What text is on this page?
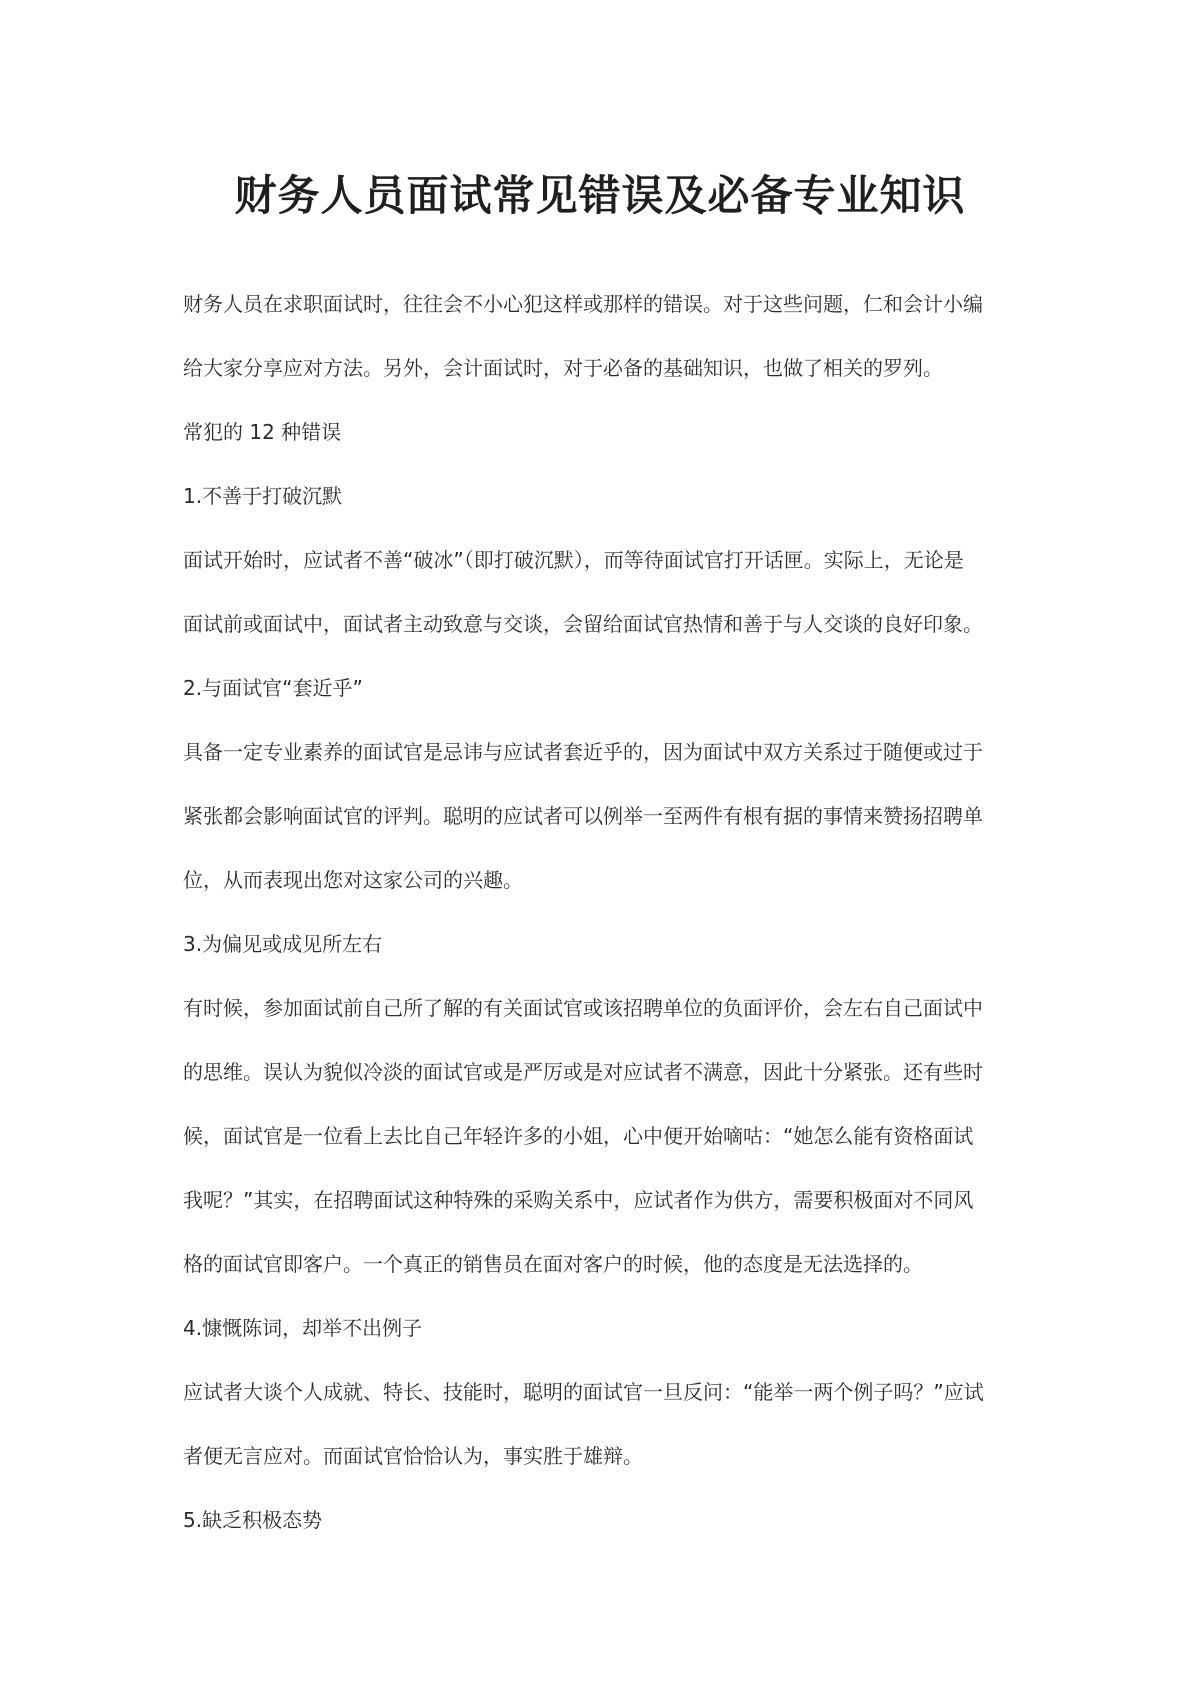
财务人员面试常见错误及必备专业知识

财务人员在求职面试时，往往会不小心犯这样或那样的错误。对于这些问题，仁和会计小编

给大家分享应对方法。另外，会计面试时，对于必备的基础知识，也做了相关的罗列。

常犯的 12 种错误

1.不善于打破沉默

面试开始时，应试者不善“破冰”（即打破沉默），而等待面试官打开话匣。实际上，无论是

面试前或面试中，面试者主动致意与交谈，会留给面试官热情和善于与人交谈的良好印象。

2.与面试官“套近乎”

具备一定专业素养的面试官是忌讳与应试者套近乎的，因为面试中双方关系过于随便或过于

紧张都会影响面试官的评判。聪明的应试者可以例举一至两件有根有据的事情来赞扬招聘单

位，从而表现出您对这家公司的兴趣。

3.为偏见或成见所左右

有时候，参加面试前自己所了解的有关面试官或该招聘单位的负面评价，会左右自己面试中

的思维。误认为貌似冷淡的面试官或是严厉或是对应试者不满意，因此十分紧张。还有些时

候，面试官是一位看上去比自己年轻许多的小姐，心中便开始嘀咕：“她怎么能有资格面试

我呢？”其实，在招聘面试这种特殊的采购关系中，应试者作为供方，需要积极面对不同风

格的面试官即客户。一个真正的销售员在面对客户的时候，他的态度是无法选择的。

4.慷慨陈词，却举不出例子

应试者大谈个人成就、特长、技能时，聪明的面试官一旦反问：“能举一两个例子吗？”应试

者便无言应对。而面试官恰恰认为，事实胜于雄辩。

5.缺乏积极态势
